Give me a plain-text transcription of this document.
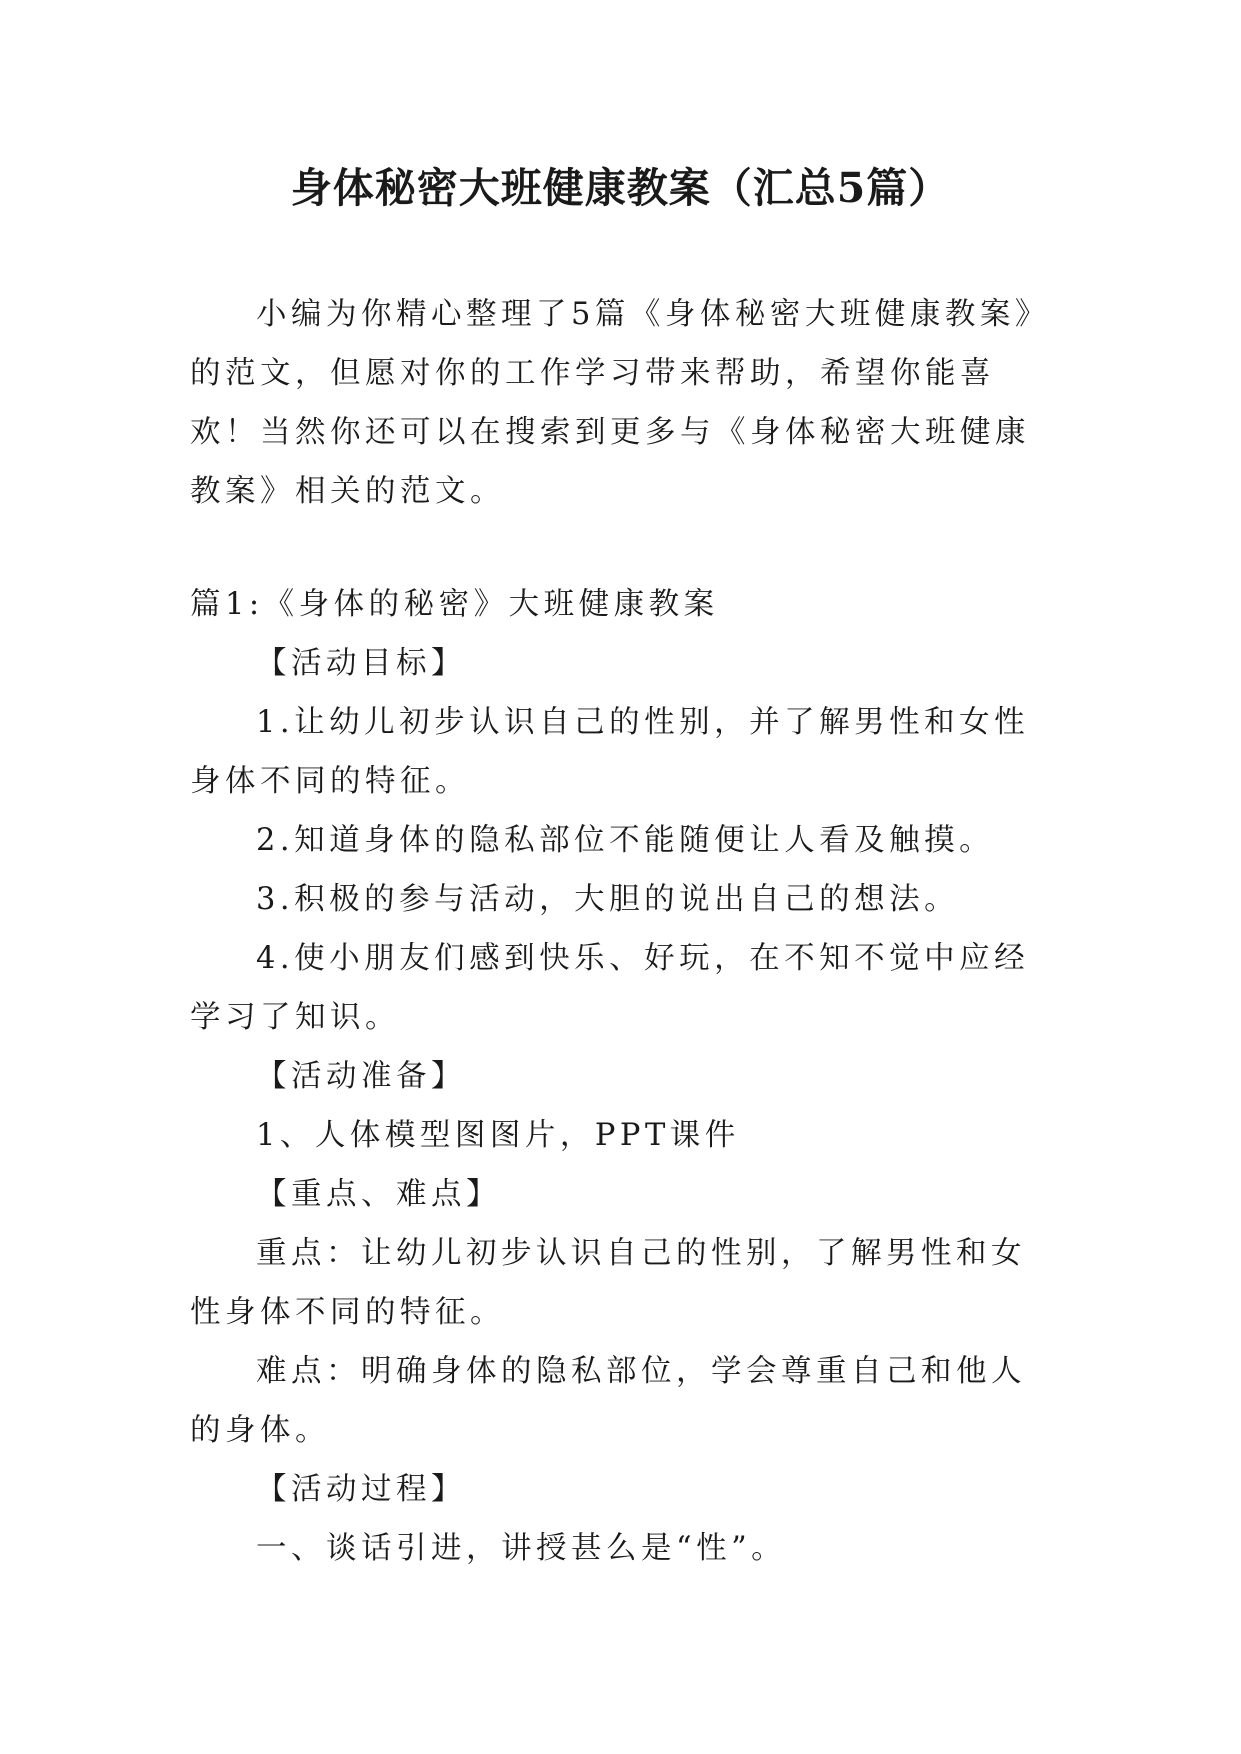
身体秘密大班健康教案（汇总5篇）
小编为你精心整理了5篇《身体秘密大班健康教案》的范文，但愿对你的工作学习带来帮助，希望你能喜欢！当然你还可以在搜索到更多与《身体秘密大班健康教案》相关的范文。

篇1:《身体的秘密》大班健康教案

【活动目标】

1.让幼儿初步认识自己的性别，并了解男性和女性身体不同的特征。

2.知道身体的隐私部位不能随便让人看及触摸。

3.积极的参与活动，大胆的说出自己的想法。

4.使小朋友们感到快乐、好玩，在不知不觉中应经学习了知识。

【活动准备】

1、人体模型图图片，PPT课件

【重点、难点】

重点：让幼儿初步认识自己的性别，了解男性和女性身体不同的特征。

难点：明确身体的隐私部位，学会尊重自己和他人的身体。

【活动过程】

一、谈话引进，讲授甚么是“性”。
